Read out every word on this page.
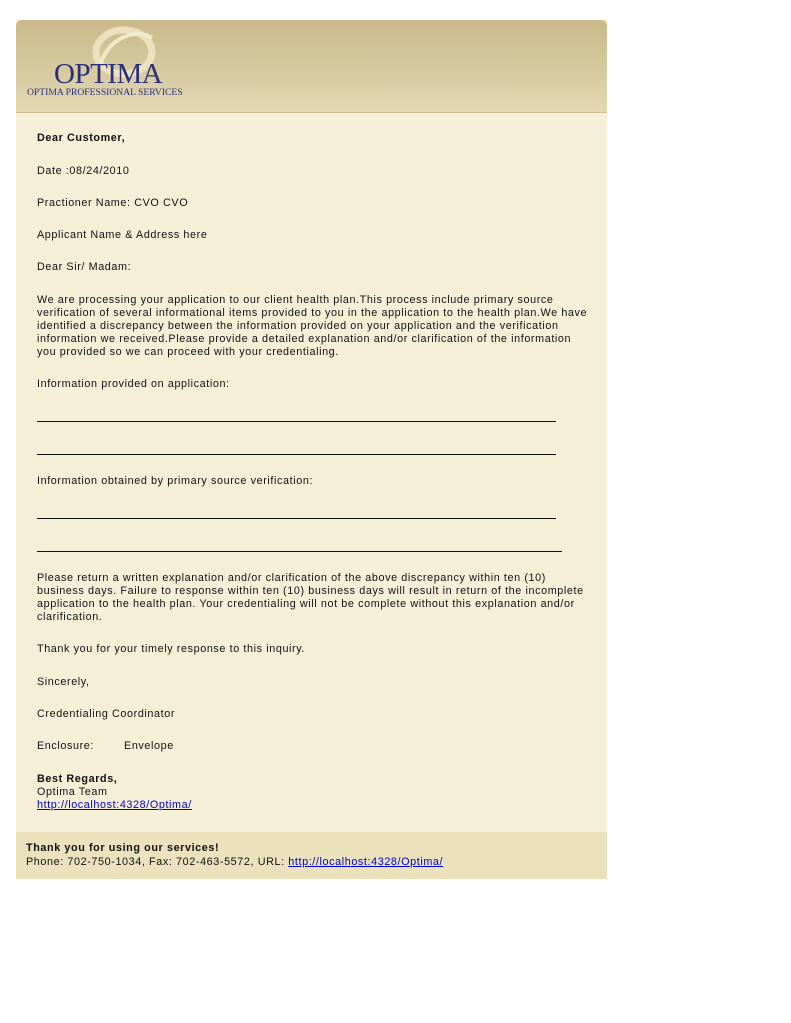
OPTIMA
OPTIMA PROFESSIONAL SERVICES

Dear Customer,

Date :08/24/2010

Practioner Name: CVO CVO

Applicant Name & Address here

Dear Sir/ Madam:

We are processing your application to our client health plan.This process include primary source verification of several informational items provided to you in the application to the health plan.We have identified a discrepancy between the information provided on your application and the verification information we received.Please provide a detailed explanation and/or clarification of the information you provided so we can proceed with your credentialing.

Information provided on application:

Information obtained by primary source verification:

Please return a written explanation and/or clarification of the above discrepancy within ten (10) business days. Failure to response within ten (10) business days will result in return of the incomplete application to the health plan. Your credentialing will not be complete without this explanation and/or clarification.

Thank you for your timely response to this inquiry.

Sincerely,

Credentialing Coordinator

Enclosure:	Envelope

Best Regards,

Optima Team

http://localhost:4328/Optima/

Thank you for using our services!
Phone: 702-750-1034, Fax: 702-463-5572, URL: http://localhost:4328/Optima/
